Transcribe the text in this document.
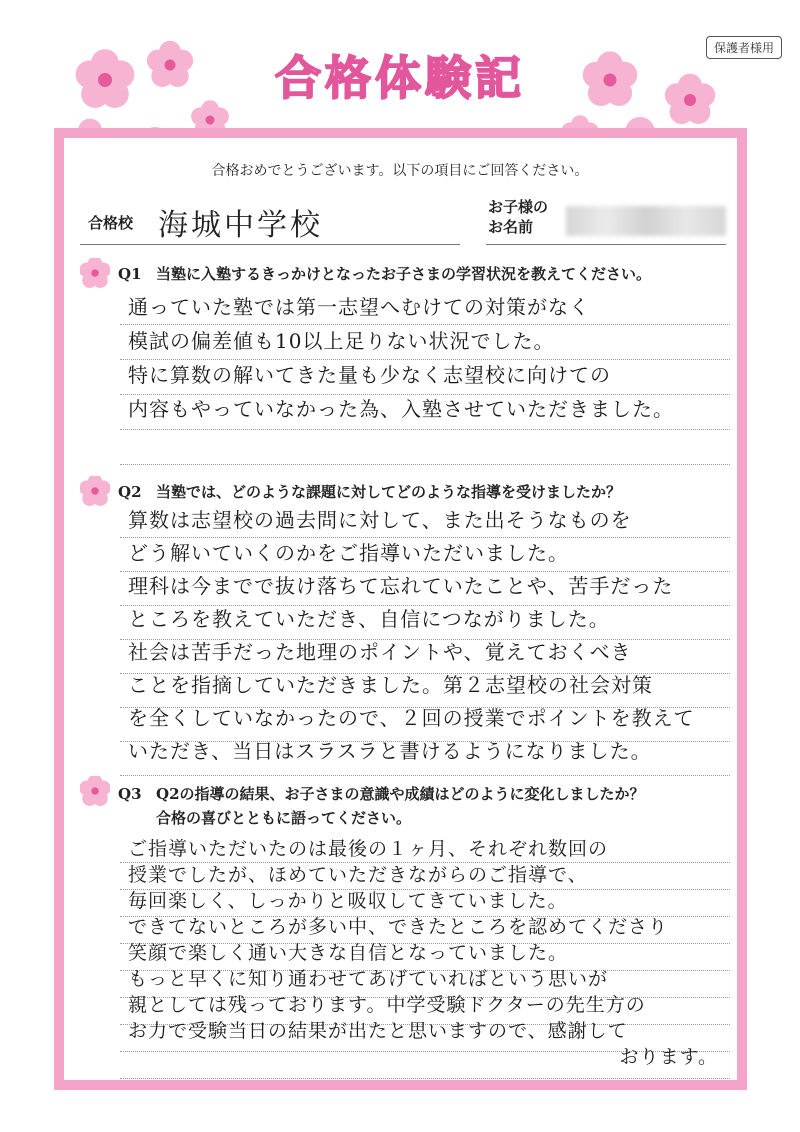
保護者様用
合格体験記
合格おめでとうございます。以下の項目にご回答ください。
合格校 海城中学校
お子様の
お名前
Q1 当塾に入塾するきっかけとなったお子さまの学習状況を教えてください。
通っていた塾では第一志望へむけての対策がなく
模試の偏差値も10以上足りない状況でした。
特に算数の解いてきた量も少なく志望校に向けての
内容もやっていなかった為、入塾させていただきました。
Q2 当塾では、どのような課題に対してどのような指導を受けましたか？
算数は志望校の過去問に対して、また出そうなものを
どう解いていくのかをご指導いただいました。
理科は今までで抜け落ちて忘れていたことや、苦手だった
ところを教えていただき、自信につながりました。
社会は苦手だった地理のポイントや、覚えておくべき
ことを指摘していただきました。第２志望校の社会対策
を全くしていなかったので、２回の授業でポイントを教えて
いただき、当日はスラスラと書けるようになりました。
Q3 Q2の指導の結果、お子さまの意識や成績はどのように変化しましたか？
合格の喜びとともに語ってください。
ご指導いただいたのは最後の１ヶ月、それぞれ数回の
授業でしたが、ほめていただきながらのご指導で、
毎回楽しく、しっかりと吸収してきていました。
できてないところが多い中、できたところを認めてくださり
笑顔で楽しく通い大きな自信となっていました。
もっと早くに知り通わせてあげていればという思いが
親としては残っております。中学受験ドクターの先生方の
お力で受験当日の結果が出たと思いますので、感謝して
おります。
